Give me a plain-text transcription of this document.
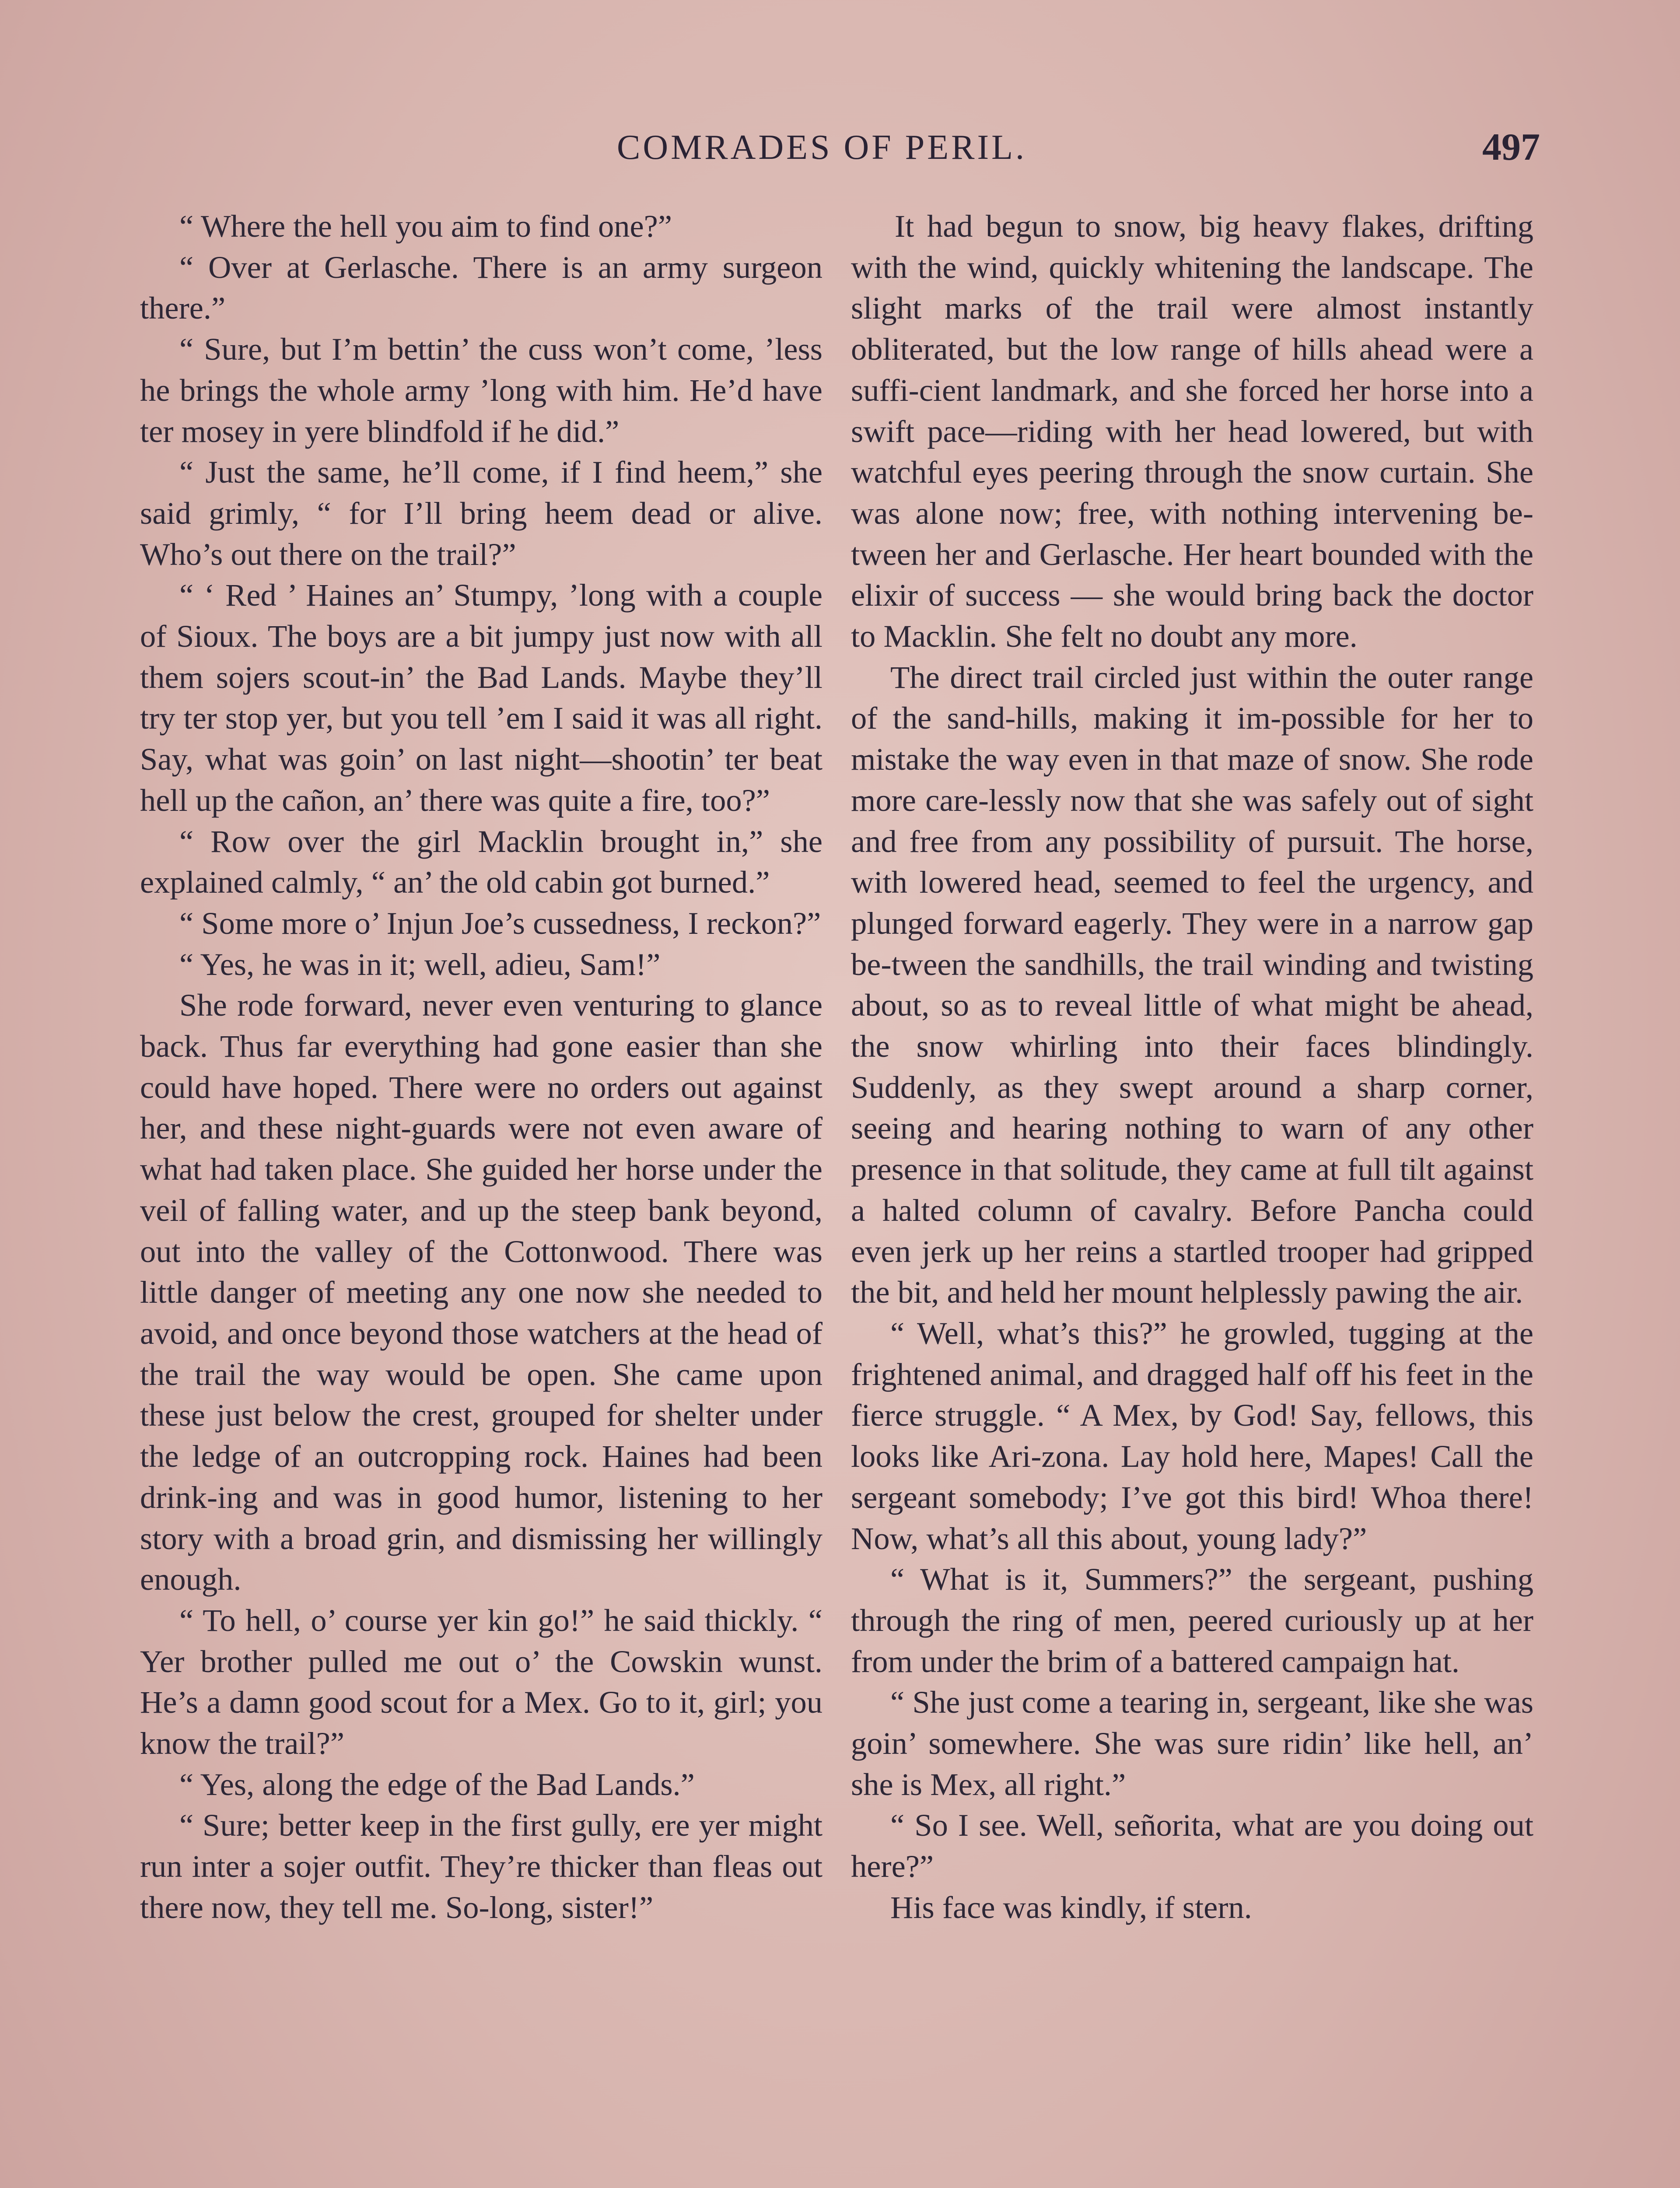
COMRADES OF PERIL.	497

“ Where the hell you aim to find one?”

“ Over at Gerlasche. There is an army surgeon there.”

“ Sure, but I’m bettin’ the cuss won’t come, ’less he brings the whole army ’long with him. He’d have ter mosey in yere blindfold if he did.”

“ Just the same, he’ll come, if I find heem,” she said grimly, “ for I’ll bring heem dead or alive. Who’s out there on the trail?”

“ ‘ Red ’ Haines an’ Stumpy, ’long with a couple of Sioux. The boys are a bit jumpy just now with all them sojers scout-in’ the Bad Lands. Maybe they’ll try ter stop yer, but you tell ’em I said it was all right. Say, what was goin’ on last night—shootin’ ter beat hell up the cañon, an’ there was quite a fire, too?”

“ Row over the girl Macklin brought in,” she explained calmly, “ an’ the old cabin got burned.”

“ Some more o’ Injun Joe’s cussedness, I reckon?”

“ Yes, he was in it; well, adieu, Sam!”

She rode forward, never even venturing to glance back. Thus far everything had gone easier than she could have hoped. There were no orders out against her, and these night-guards were not even aware of what had taken place. She guided her horse under the veil of falling water, and up the steep bank beyond, out into the valley of the Cottonwood. There was little danger of meeting any one now she needed to avoid, and once beyond those watchers at the head of the trail the way would be open. She came upon these just below the crest, grouped for shelter under the ledge of an outcropping rock. Haines had been drink-ing and was in good humor, listening to her story with a broad grin, and dismissing her willingly enough.

“ To hell, o’ course yer kin go!” he said thickly. “ Yer brother pulled me out o’ the Cowskin wunst. He’s a damn good scout for a Mex. Go to it, girl; you know the trail?”

“ Yes, along the edge of the Bad Lands.”

“ Sure; better keep in the first gully, ere yer might run inter a sojer outfit. They’re thicker than fleas out there now, they tell me. So-long, sister!”

It had begun to snow, big heavy flakes, drifting with the wind, quickly whitening the landscape. The slight marks of the trail were almost instantly obliterated, but the low range of hills ahead were a suffi-cient landmark, and she forced her horse into a swift pace—riding with her head lowered, but with watchful eyes peering through the snow curtain. She was alone now; free, with nothing intervening be-tween her and Gerlasche. Her heart bounded with the elixir of success — she would bring back the doctor to Macklin. She felt no doubt any more.

The direct trail circled just within the outer range of the sand-hills, making it im-possible for her to mistake the way even in that maze of snow. She rode more care-lessly now that she was safely out of sight and free from any possibility of pursuit. The horse, with lowered head, seemed to feel the urgency, and plunged forward eagerly. They were in a narrow gap be-tween the sandhills, the trail winding and twisting about, so as to reveal little of what might be ahead, the snow whirling into their faces blindingly. Suddenly, as they swept around a sharp corner, seeing and hearing nothing to warn of any other presence in that solitude, they came at full tilt against a halted column of cavalry. Before Pancha could even jerk up her reins a startled trooper had gripped the bit, and held her mount helplessly pawing the air.

“ Well, what’s this?” he growled, tugging at the frightened animal, and dragged half off his feet in the fierce struggle. “ A Mex, by God! Say, fellows, this looks like Ari-zona. Lay hold here, Mapes! Call the sergeant somebody; I’ve got this bird! Whoa there! Now, what’s all this about, young lady?”

“ What is it, Summers?” the sergeant, pushing through the ring of men, peered curiously up at her from under the brim of a battered campaign hat.

“ She just come a tearing in, sergeant, like she was goin’ somewhere. She was sure ridin’ like hell, an’ she is Mex, all right.”

“ So I see. Well, señorita, what are you doing out here?”

His face was kindly, if stern.
